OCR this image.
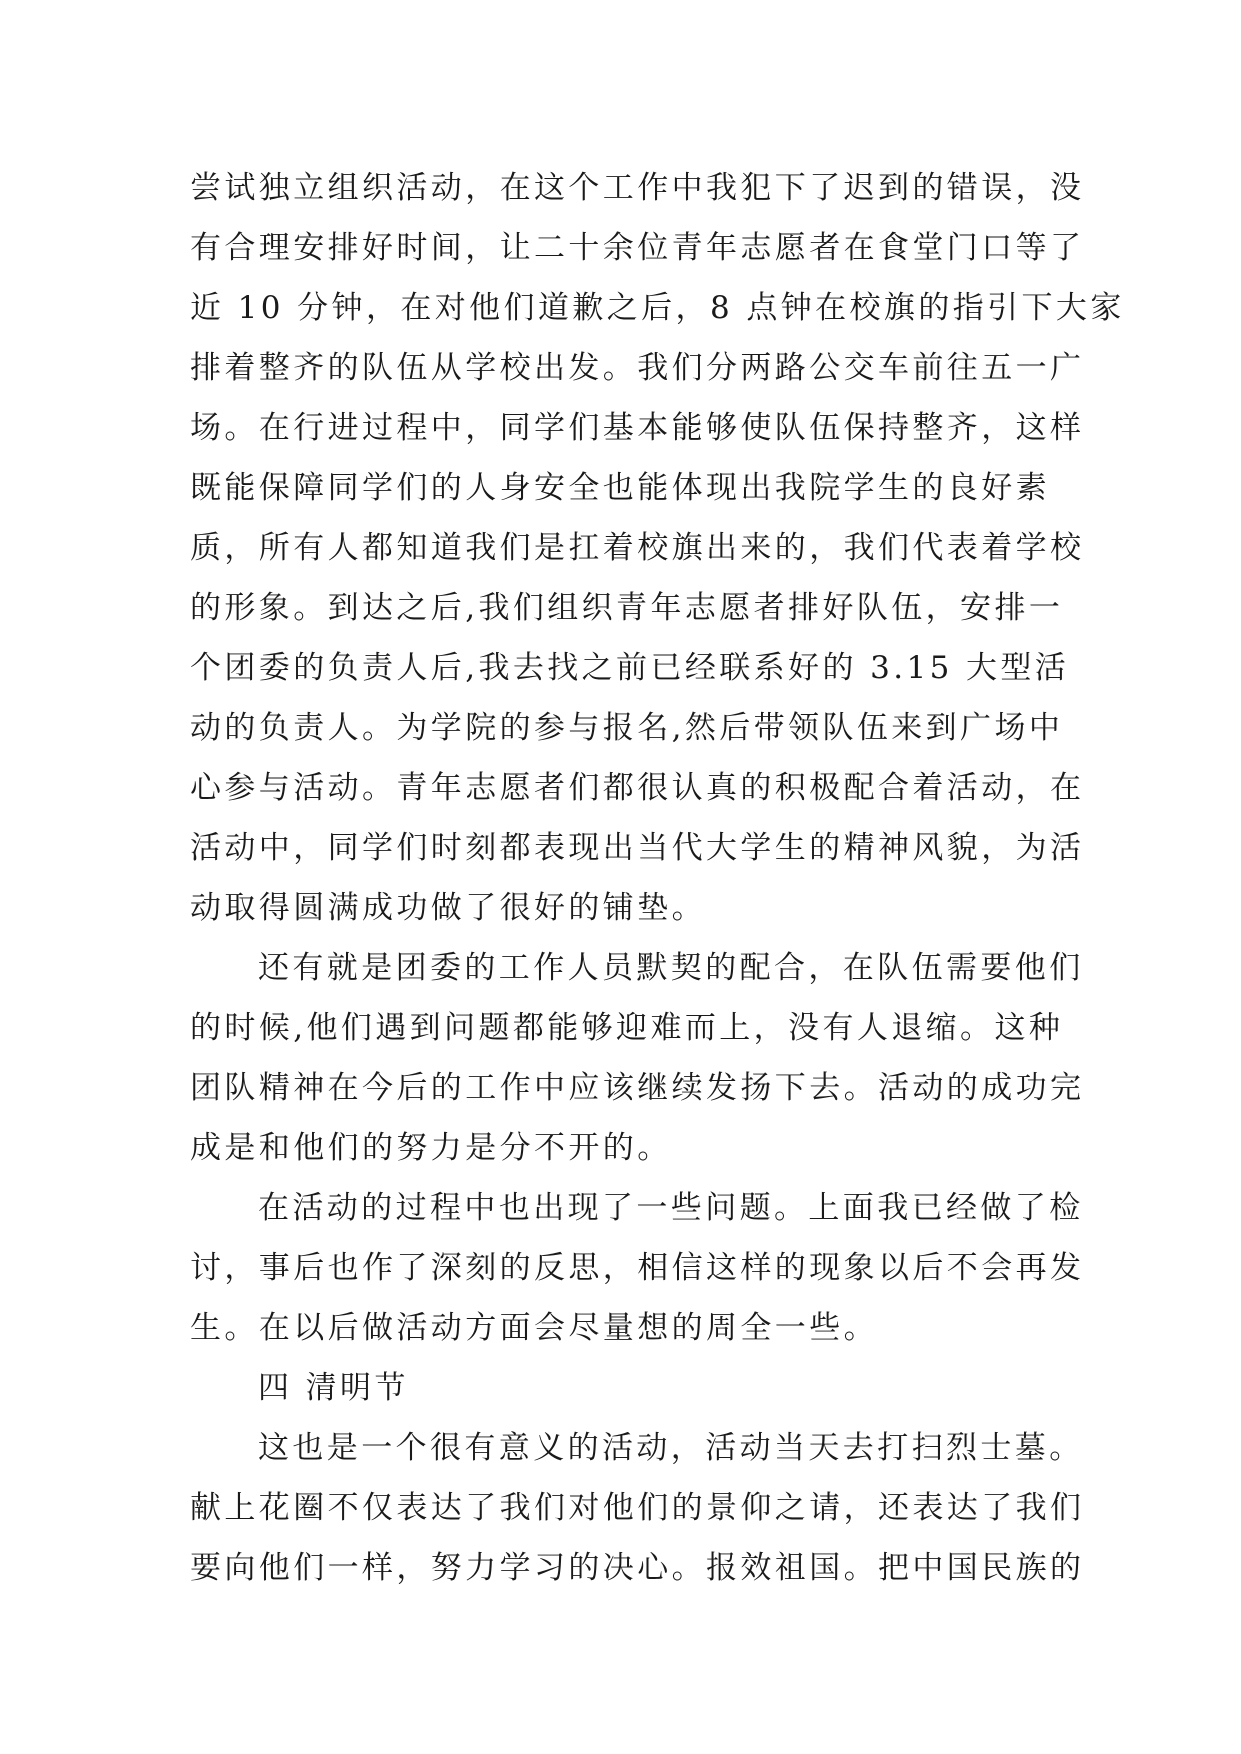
尝试独立组织活动，在这个工作中我犯下了迟到的错误，没

有合理安排好时间，让二十余位青年志愿者在食堂门口等了

近 10 分钟，在对他们道歉之后，8 点钟在校旗的指引下大家

排着整齐的队伍从学校出发。我们分两路公交车前往五一广

场。在行进过程中，同学们基本能够使队伍保持整齐，这样

既能保障同学们的人身安全也能体现出我院学生的良好素

质，所有人都知道我们是扛着校旗出来的，我们代表着学校

的形象。到达之后,我们组织青年志愿者排好队伍，安排一

个团委的负责人后,我去找之前已经联系好的 3.15 大型活

动的负责人。为学院的参与报名,然后带领队伍来到广场中

心参与活动。青年志愿者们都很认真的积极配合着活动，在

活动中，同学们时刻都表现出当代大学生的精神风貌，为活

动取得圆满成功做了很好的铺垫。

还有就是团委的工作人员默契的配合，在队伍需要他们

的时候,他们遇到问题都能够迎难而上，没有人退缩。这种

团队精神在今后的工作中应该继续发扬下去。活动的成功完

成是和他们的努力是分不开的。

在活动的过程中也出现了一些问题。上面我已经做了检

讨，事后也作了深刻的反思，相信这样的现象以后不会再发

生。在以后做活动方面会尽量想的周全一些。

四 清明节

这也是一个很有意义的活动，活动当天去打扫烈士墓。

献上花圈不仅表达了我们对他们的景仰之请，还表达了我们

要向他们一样，努力学习的决心。报效祖国。把中国民族的
